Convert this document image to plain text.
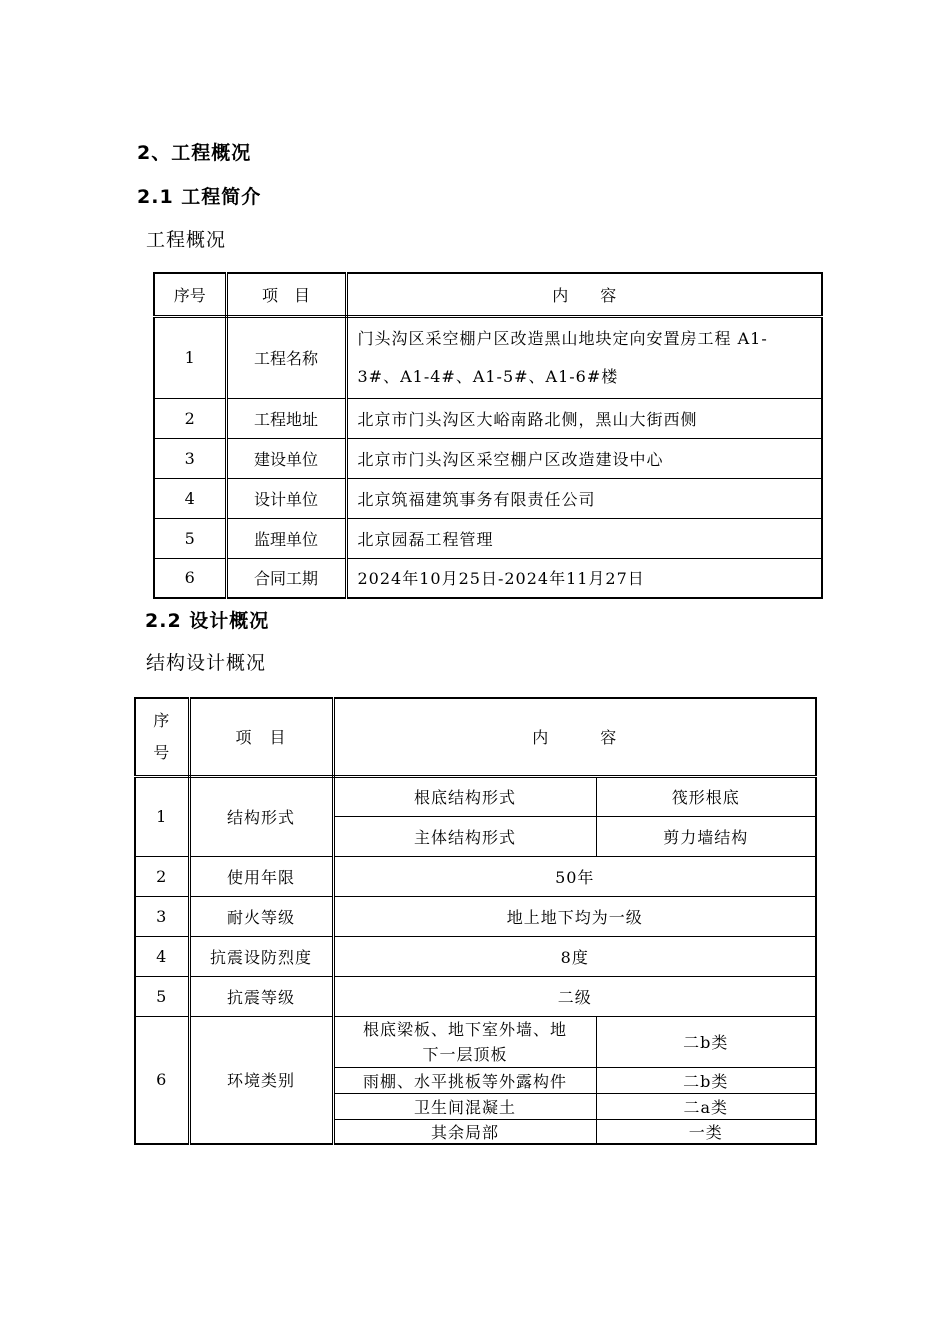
2、工程概况
2.1 工程简介
工程概况
序号	项　目	内　　容
1	工程名称	门头沟区采空棚户区改造黑山地块定向安置房工程 A1-
3#、A1-4#、A1-5#、A1-6#楼

2	工程地址	北京市门头沟区大峪南路北侧，黑山大街西侧
3	建设单位	北京市门头沟区采空棚户区改造建设中心
4	设计单位	北京筑福建筑事务有限责任公司
5	监理单位	北京园磊工程管理
6	合同工期	2024年10月25日-2024年11月27日
2.2 设计概况
结构设计概况
序
号	项　目	内　　　容	
1	结构形式	根底结构形式	筏形根底
		主体结构形式	剪力墙结构
2	使用年限	50年	
3	耐火等级	地上地下均为一级	
4	抗震设防烈度	8度	
5	抗震等级	二级	
6	环境类别	根底梁板、地下室外墙、地
下一层顶板	二b类
		雨棚、水平挑板等外露构件	二b类
		卫生间混凝土	二a类
		其余局部	一类
